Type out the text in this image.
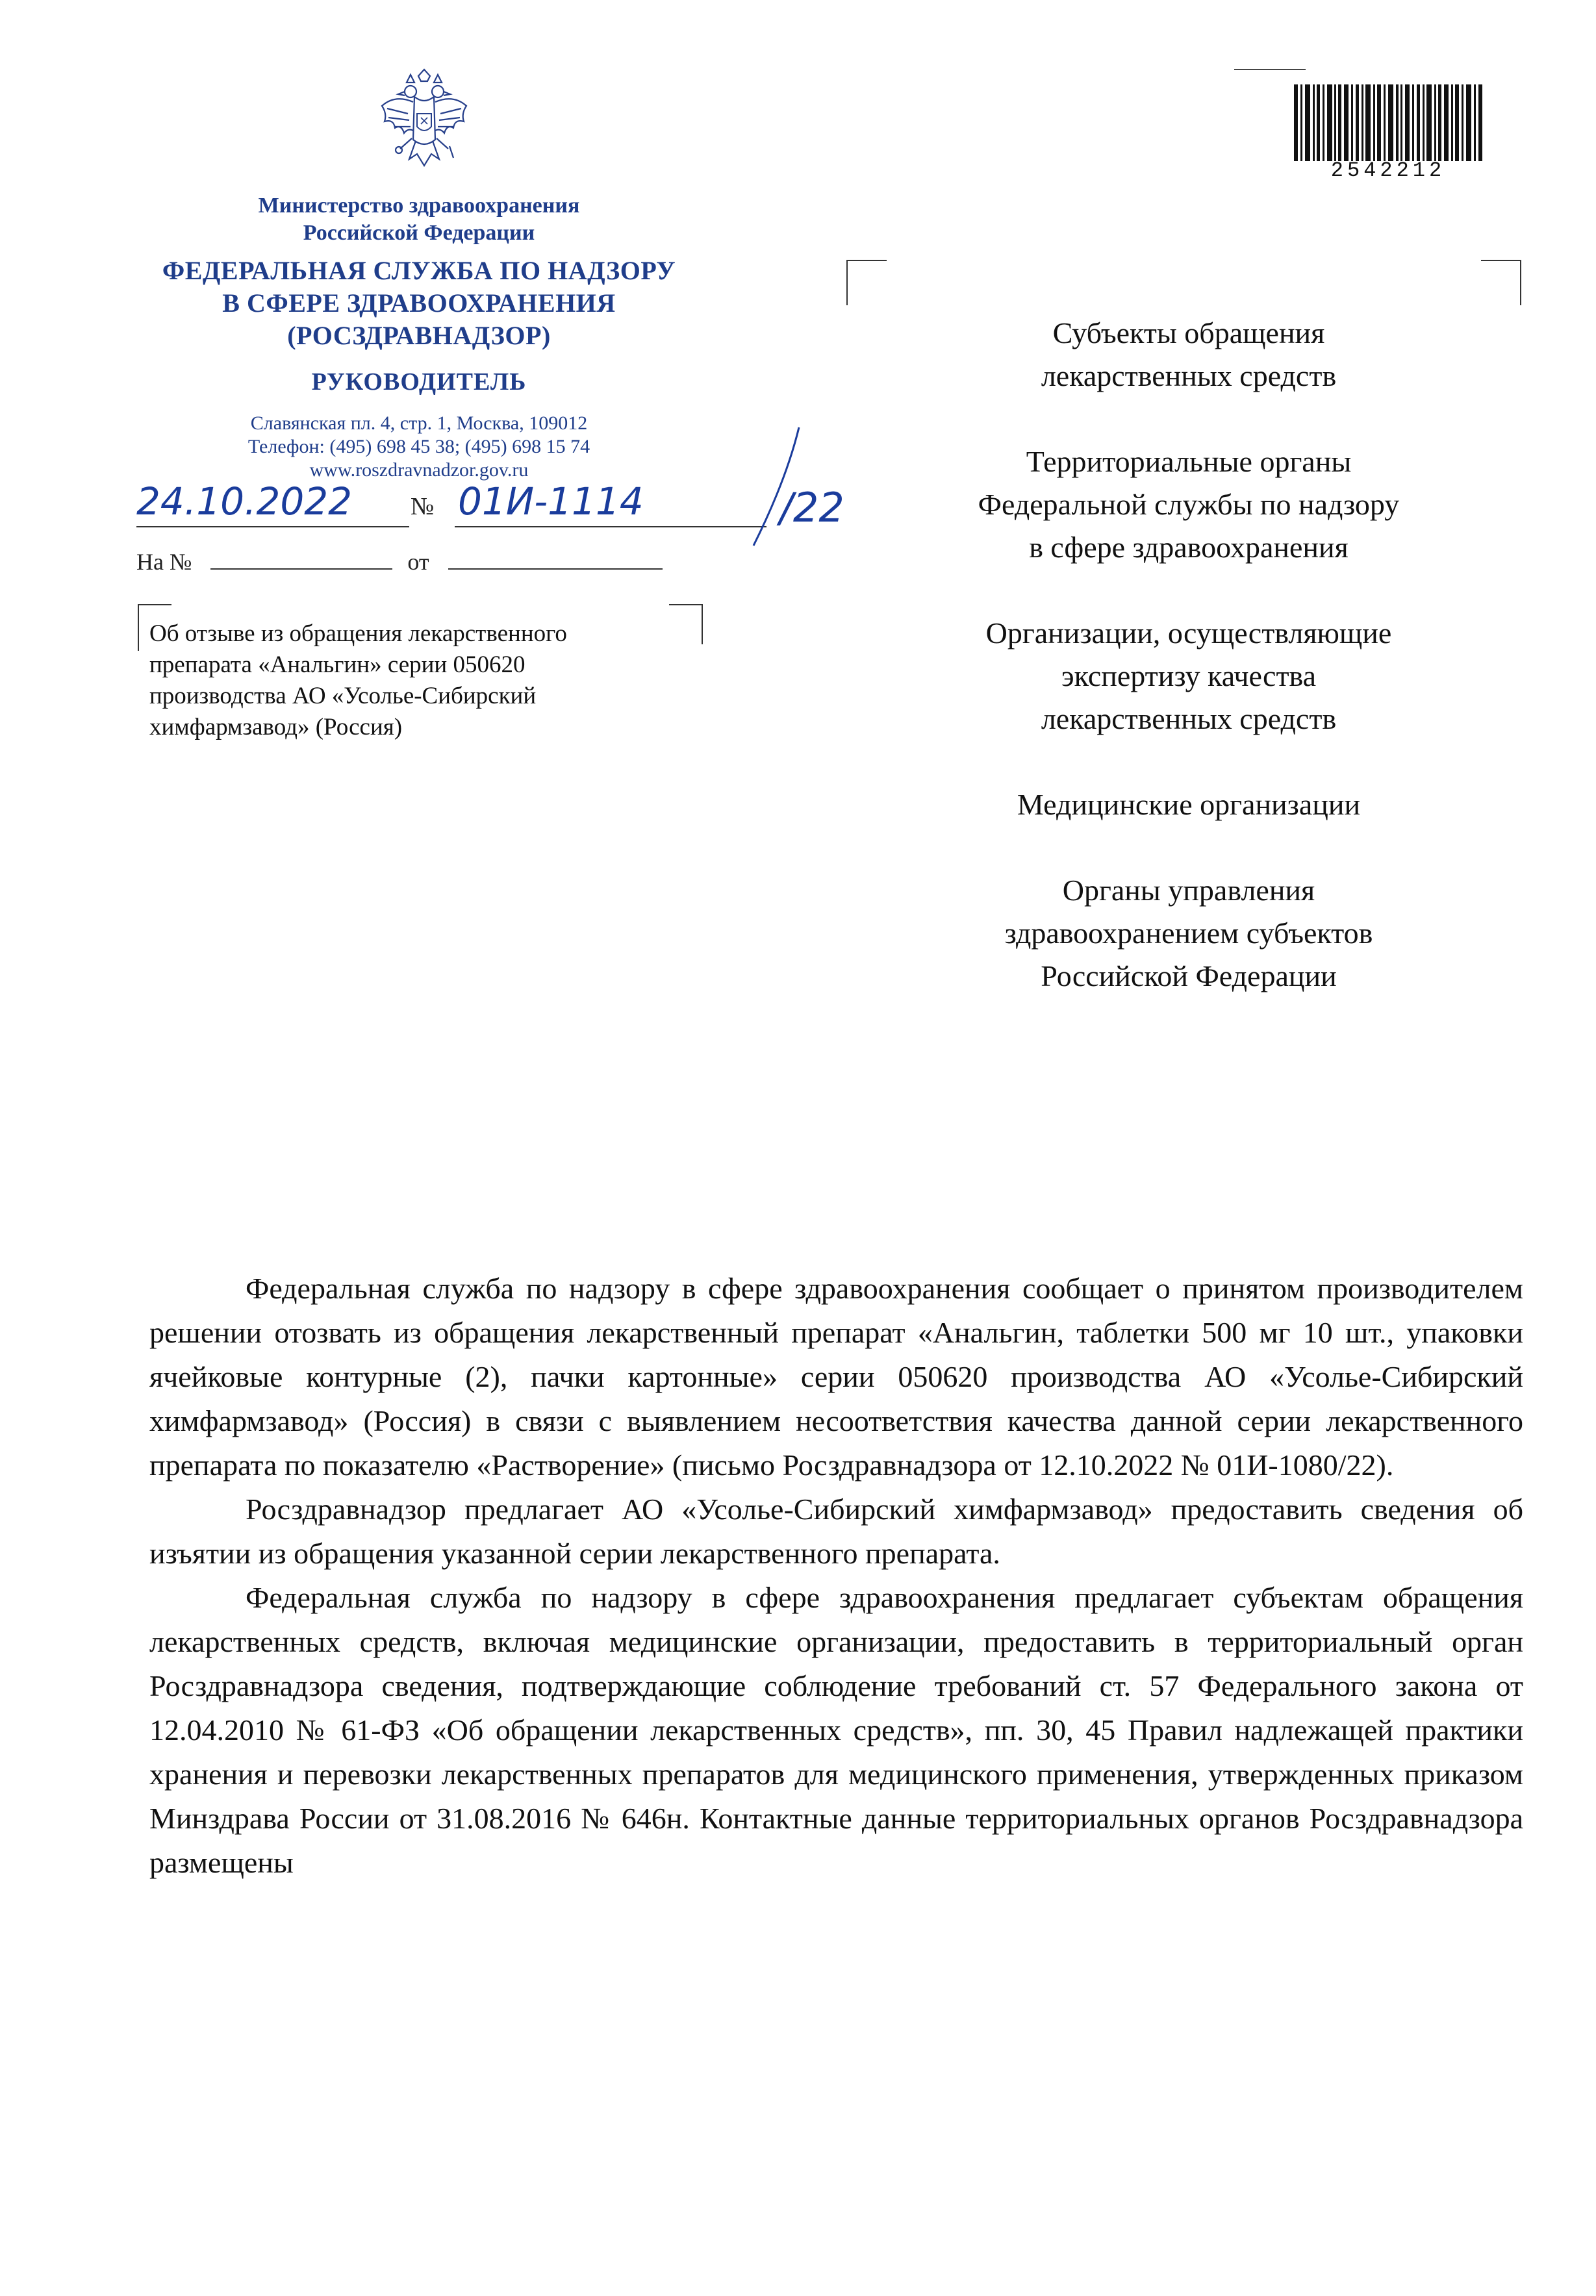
Министерство здравоохранения
Российской Федерации
ФЕДЕРАЛЬНАЯ СЛУЖБА ПО НАДЗОРУ
В СФЕРЕ ЗДРАВООХРАНЕНИЯ
(РОСЗДРАВНАДЗОР)
РУКОВОДИТЕЛЬ
Славянская пл. 4, стр. 1, Москва, 109012
Телефон: (495) 698 45 38; (495) 698 15 74
www.roszdravnadzor.gov.ru
24.10.2022 № 01И-1114	/22
На №	от
Об отзыве из обращения лекарственного
препарата «Анальгин» серии 050620
производства АО «Усолье-Сибирский
химфармзавод» (Россия)
2542212
Субъекты обращения
лекарственных средств
Территориальные органы
Федеральной службы по надзору
в сфере здравоохранения
Организации, осуществляющие
экспертизу качества
лекарственных средств
Медицинские организации
Органы управления
здравоохранением субъектов
Российской Федерации

Федеральная служба по надзору в сфере здравоохранения сообщает о принятом производителем решении отозвать из обращения лекарственный препарат «Анальгин, таблетки 500 мг 10 шт., упаковки ячейковые контурные (2), пачки картонные» серии 050620 производства АО «Усолье-Сибирский химфармзавод» (Россия) в связи с выявлением несоответствия качества данной серии лекарственного препарата по показателю «Растворение» (письмо Росздравнадзора от 12.10.2022 № 01И-1080/22).

Росздравнадзор предлагает АО «Усолье-Сибирский химфармзавод» предоставить сведения об изъятии из обращения указанной серии лекарственного препарата.

Федеральная служба по надзору в сфере здравоохранения предлагает субъектам обращения лекарственных средств, включая медицинские организации, предоставить в территориальный орган Росздравнадзора сведения, подтверждающие соблюдение требований ст. 57 Федерального закона от 12.04.2010 № 61-ФЗ «Об обращении лекарственных средств», пп. 30, 45 Правил надлежащей практики хранения и перевозки лекарственных препаратов для медицинского применения, утвержденных приказом Минздрава России от 31.08.2016 № 646н. Контактные данные территориальных органов Росздравнадзора размещены
